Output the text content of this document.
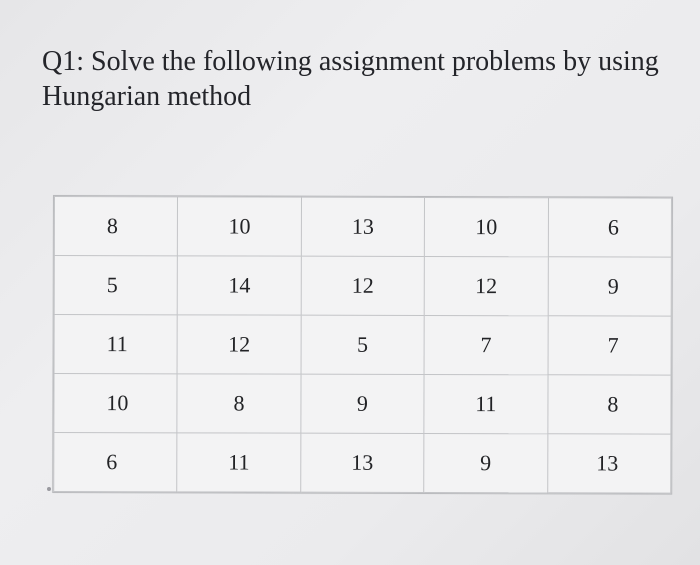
Q1: Solve the following assignment problems by using
Hungarian method
8	10	13	10	6
5	14	12	12	9
11	12	5	7	7
10	8	9	11	8
6	11	13	9	13
